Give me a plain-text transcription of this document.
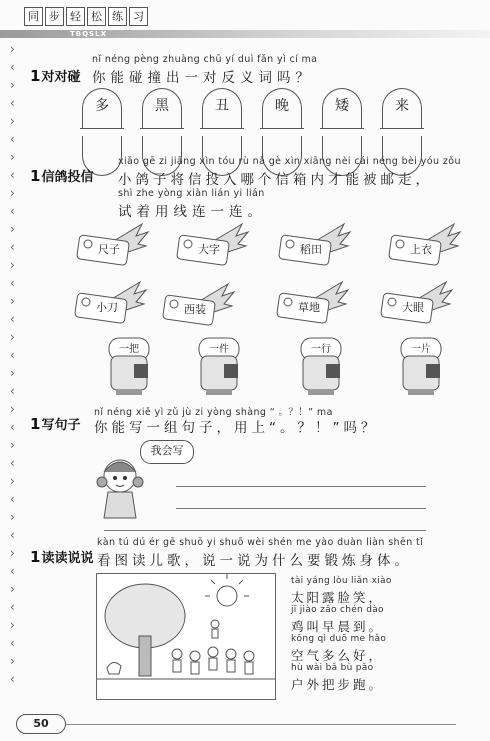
同 步 轻 松 练 习
TBQSLX
›
‹
›
‹
›
‹
›
‹
›
‹
›
‹
›
‹
›
‹
›
‹
›
‹
›
‹
›
‹
›
‹
›
‹
›
‹
›
‹
›
‹
›
‹
1对对碰
nǐ néng pèng zhuàng chū yí duì fǎn yì cí ma
你能碰撞出一对反义词吗？
多	黑	丑	晚	矮	来
1信鸽投信
xiǎo gē zi jiāng xìn tóu rù nǎ gè xìn xiāng nèi cái néng bèi yóu zǒu
小鸽子将信投入哪个信箱内才能被邮走，
shì zhe yòng xiàn lián yi lián
试着用线连一连。
尺子	大字	稻田	上衣
小刀	西装	草地	大眼
一把	一件	一行	一片
1写句子
nǐ néng xiě yì zǔ jù zi yòng shàng “ 。？！” ma
你能写一组句子，用上“。？！”吗？
我会写
1读读说说
kàn tú dú ér gē shuō yi shuō wèi shén me yào duàn liàn shēn tǐ
看图读儿歌，说一说为什么要锻炼身体。
tài yáng lòu liǎn xiào
太阳露脸笑，
jī jiào zǎo chén dào
鸡叫早晨到。
kōng qì duō me hǎo
空气多么好，
hù wài bǎ bù pǎo
户外把步跑。
50
